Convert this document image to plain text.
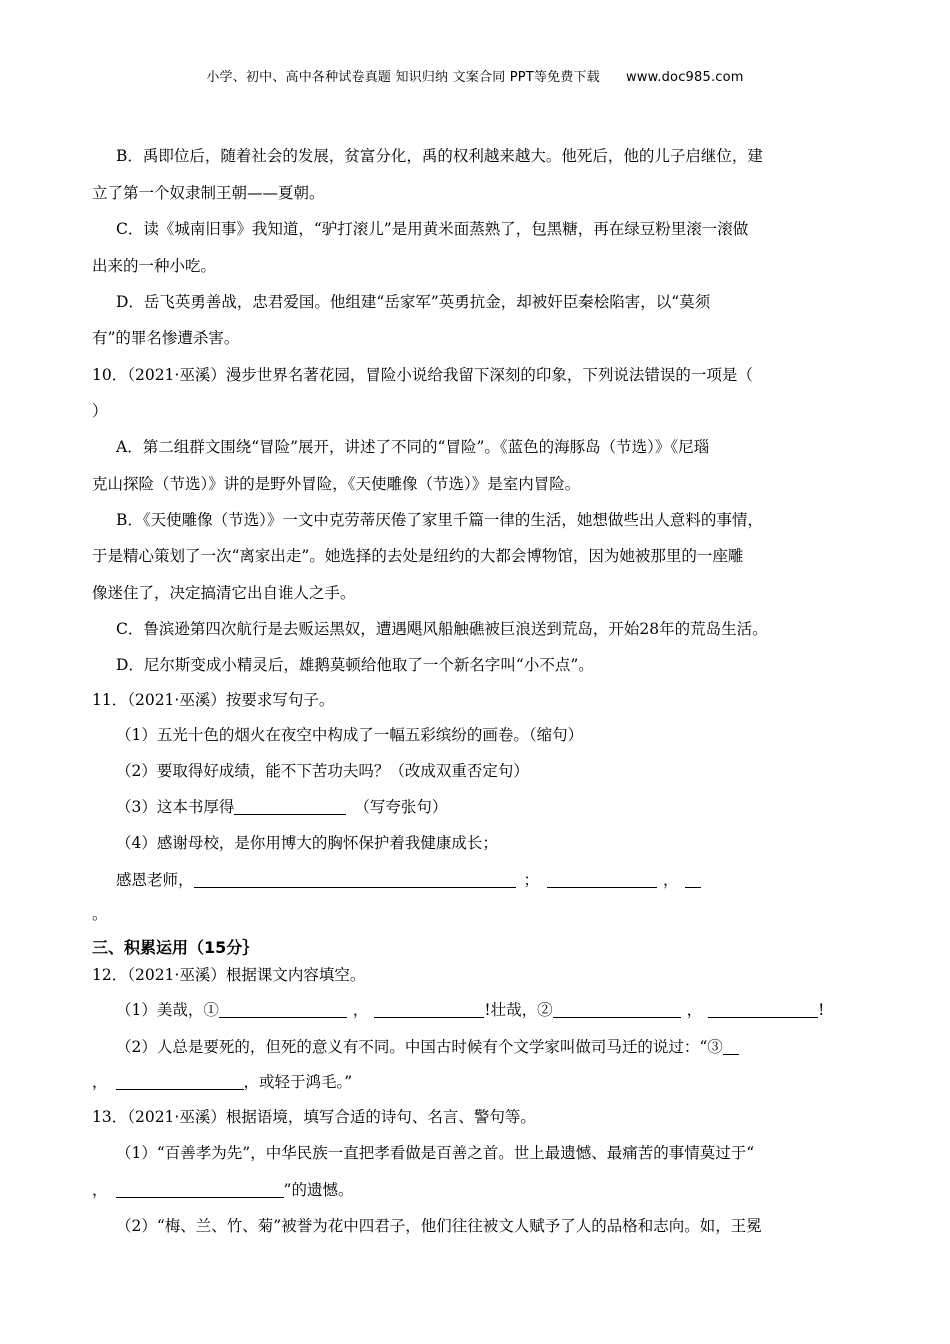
小学、初中、高中各种试卷真题 知识归纳 文案合同 PPT等免费下载 www.doc985.com
B．禹即位后，随着社会的发展，贫富分化，禹的权利越来越大。他死后，他的儿子启继位，建
立了第一个奴隶制王朝——夏朝。
C．读《城南旧事》我知道，“驴打滚儿”是用黄米面蒸熟了，包黑糖，再在绿豆粉里滚一滚做
出来的一种小吃。
D．岳飞英勇善战，忠君爱国。他组建“岳家军”英勇抗金，却被奸臣秦桧陷害，以“莫须
有”的罪名惨遭杀害。
10．（2021·巫溪）漫步世界名著花园，冒险小说给我留下深刻的印象，下列说法错误的一项是（
）
A．第二组群文围绕“冒险”展开，讲述了不同的“冒险”。《蓝色的海豚岛（节选）》《尼瑙
克山探险（节选）》讲的是野外冒险，《天使雕像（节选）》是室内冒险。
B．《天使雕像（节选）》一文中克劳蒂厌倦了家里千篇一律的生活，她想做些出人意料的事情，
于是精心策划了一次“离家出走”。她选择的去处是纽约的大都会博物馆，因为她被那里的一座雕
像迷住了，决定搞清它出自谁人之手。
C．鲁滨逊第四次航行是去贩运黑奴，遭遇飓风船触礁被巨浪送到荒岛，开始28年的荒岛生活。
D．尼尔斯变成小精灵后，雄鹅莫顿给他取了一个新名字叫“小不点”。
11．（2021·巫溪）按要求写句子。
（1）五光十色的烟火在夜空中构成了一幅五彩缤纷的画卷。（缩句）
（2）要取得好成绩，能不下苦功夫吗？（改成双重否定句）
（3）这本书厚得	（写夸张句）
（4）感谢母校，是你用博大的胸怀保护着我健康成长；
感恩老师，	；	，
。
三、积累运用（15分｝
12．（2021·巫溪）根据课文内容填空。
（1）美哉，①	，	!壮哉，②	，	!
（2）人总是要死的，但死的意义有不同。中国古时候有个文学家叫做司马迁的说过：“③
，	，或轻于鸿毛。”
13．（2021·巫溪）根据语境，填写合适的诗句、名言、警句等。
（1）“百善孝为先”，中华民族一直把孝看做是百善之首。世上最遗憾、最痛苦的事情莫过于“
，	”的遗憾。
（2）“梅、兰、竹、菊”被誉为花中四君子，他们往往被文人赋予了人的品格和志向。如，王冕
